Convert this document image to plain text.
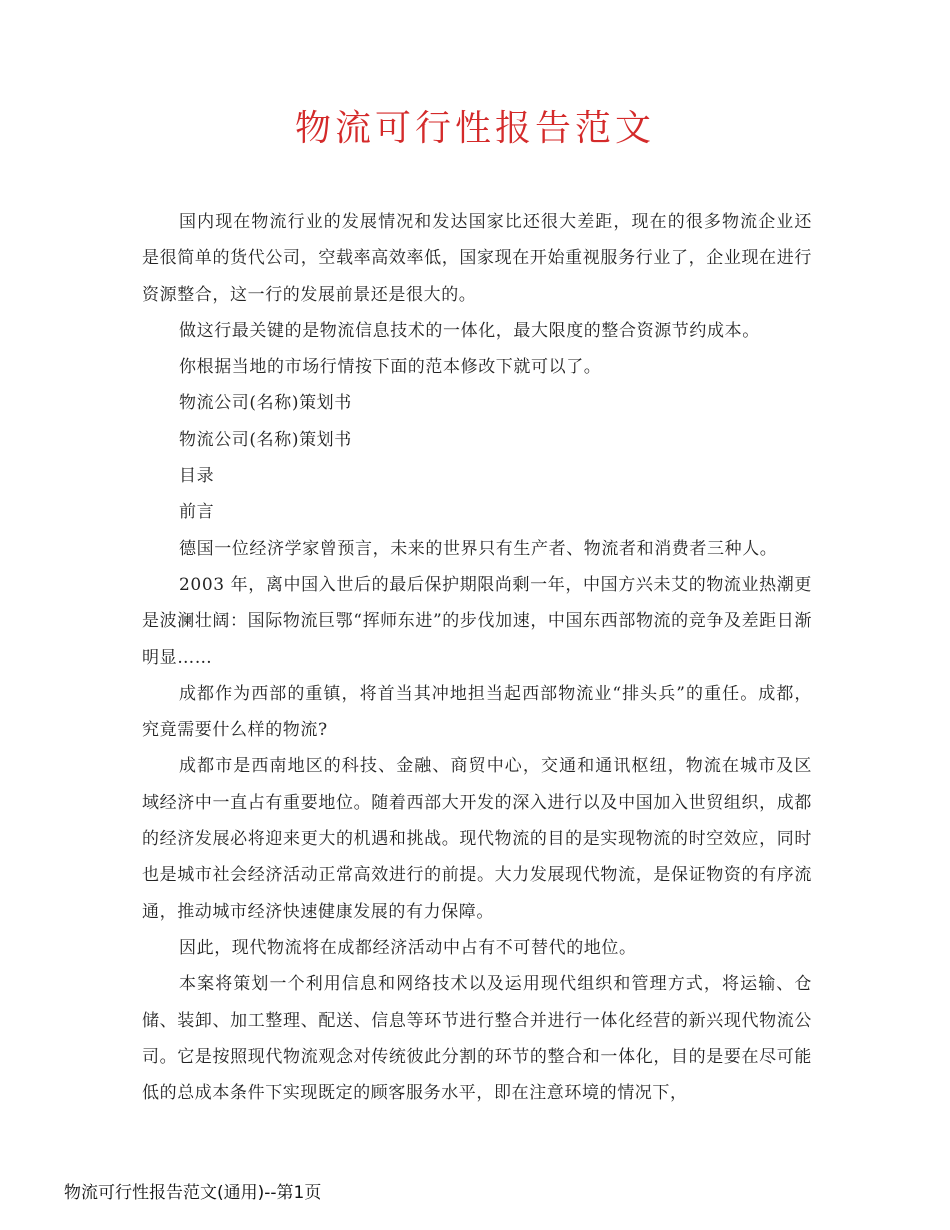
物流可行性报告范文

国内现在物流行业的发展情况和发达国家比还很大差距，现在的很多物流企业还是很简单的货代公司，空载率高效率低，国家现在开始重视服务行业了，企业现在进行资源整合，这一行的发展前景还是很大的。

做这行最关键的是物流信息技术的一体化，最大限度的整合资源节约成本。

你根据当地的市场行情按下面的范本修改下就可以了。

物流公司(名称)策划书

物流公司(名称)策划书

目录

前言

德国一位经济学家曾预言，未来的世界只有生产者、物流者和消费者三种人。

2003 年，离中国入世后的最后保护期限尚剩一年，中国方兴未艾的物流业热潮更是波澜壮阔：国际物流巨鄂“挥师东进”的步伐加速，中国东西部物流的竞争及差距日渐明显……

成都作为西部的重镇，将首当其冲地担当起西部物流业“排头兵”的重任。成都，究竟需要什么样的物流?

成都市是西南地区的科技、金融、商贸中心，交通和通讯枢纽，物流在城市及区域经济中一直占有重要地位。随着西部大开发的深入进行以及中国加入世贸组织，成都的经济发展必将迎来更大的机遇和挑战。现代物流的目的是实现物流的时空效应，同时也是城市社会经济活动正常高效进行的前提。大力发展现代物流，是保证物资的有序流通，推动城市经济快速健康发展的有力保障。

因此，现代物流将在成都经济活动中占有不可替代的地位。

本案将策划一个利用信息和网络技术以及运用现代组织和管理方式，将运输、仓储、装卸、加工整理、配送、信息等环节进行整合并进行一体化经营的新兴现代物流公司。它是按照现代物流观念对传统彼此分割的环节的整合和一体化，目的是要在尽可能低的总成本条件下实现既定的顾客服务水平，即在注意环境的情况下，

物流可行性报告范文(通用)--第1页
